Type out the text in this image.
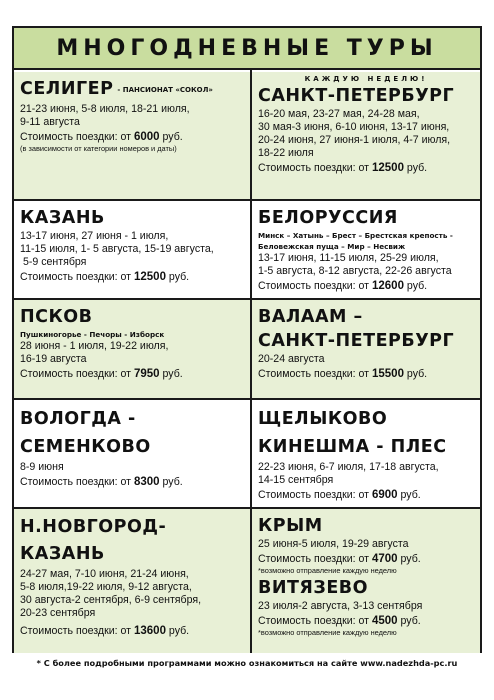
МНОГОДНЕВНЫЕ ТУРЫ
СЕЛИГЕР - ПАНСИОНАТ «СОКОЛ»
21-23 июня, 5-8 июля, 18-21 июля,
9-11 августа
Стоимость поездки: от 6000 руб.
(в зависимости от категории номеров и даты)
КАЖДУЮ НЕДЕЛЮ!
САНКТ-ПЕТЕРБУРГ
16-20 мая, 23-27 мая, 24-28 мая,
30 мая-3 июня, 6-10 июня, 13-17 июня,
20-24 июня, 27 июня-1 июля, 4-7 июля,
18-22 июля
Стоимость поездки: от 12500 руб.
КАЗАНЬ
13-17 июня, 27 июня - 1 июля,
11-15 июля, 1- 5 августа, 15-19 августа,
5-9 сентября
Стоимость поездки: от 12500 руб.
БЕЛОРУССИЯ
Минск – Хатынь – Брест – Брестская крепость -
Беловежская пуща – Мир – Несвиж
13-17 июня, 11-15 июля, 25-29 июля,
1-5 августа, 8-12 августа, 22-26 августа
Стоимость поездки: от 12600 руб.
ПСКОВ
Пушкиногорье - Печоры - Изборск
28 июня - 1 июля, 19-22 июля,
16-19 августа
Стоимость поездки: от 7950 руб.
ВАЛААМ –
САНКТ-ПЕТЕРБУРГ
20-24 августа
Стоимость поездки: от 15500 руб.
ВОЛОГДА -
СЕМЕНКОВО
8-9 июня
Стоимость поездки: от 8300 руб.
ЩЕЛЫКОВО
КИНЕШМА - ПЛЕС
22-23 июня, 6-7 июля, 17-18 августа,
14-15 сентября
Стоимость поездки: от 6900 руб.
Н.НОВГОРОД-
КАЗАНЬ
24-27 мая, 7-10 июня, 21-24 июня,
5-8 июля,19-22 июля, 9-12 августа,
30 августа-2 сентября, 6-9 сентября,
20-23 сентября
Стоимость поездки: от 13600 руб.
КРЫМ
25 июня-5 июля, 19-29 августа
Стоимость поездки: от 4700 руб.
*возможно отправление каждую неделю
ВИТЯЗЕВО
23 июля-2 августа, 3-13 сентября
Стоимость поездки: от 4500 руб.
*возможно отправление каждую неделю
* С более подробными программами можно ознакомиться на сайте www.nadezhda-pc.ru
